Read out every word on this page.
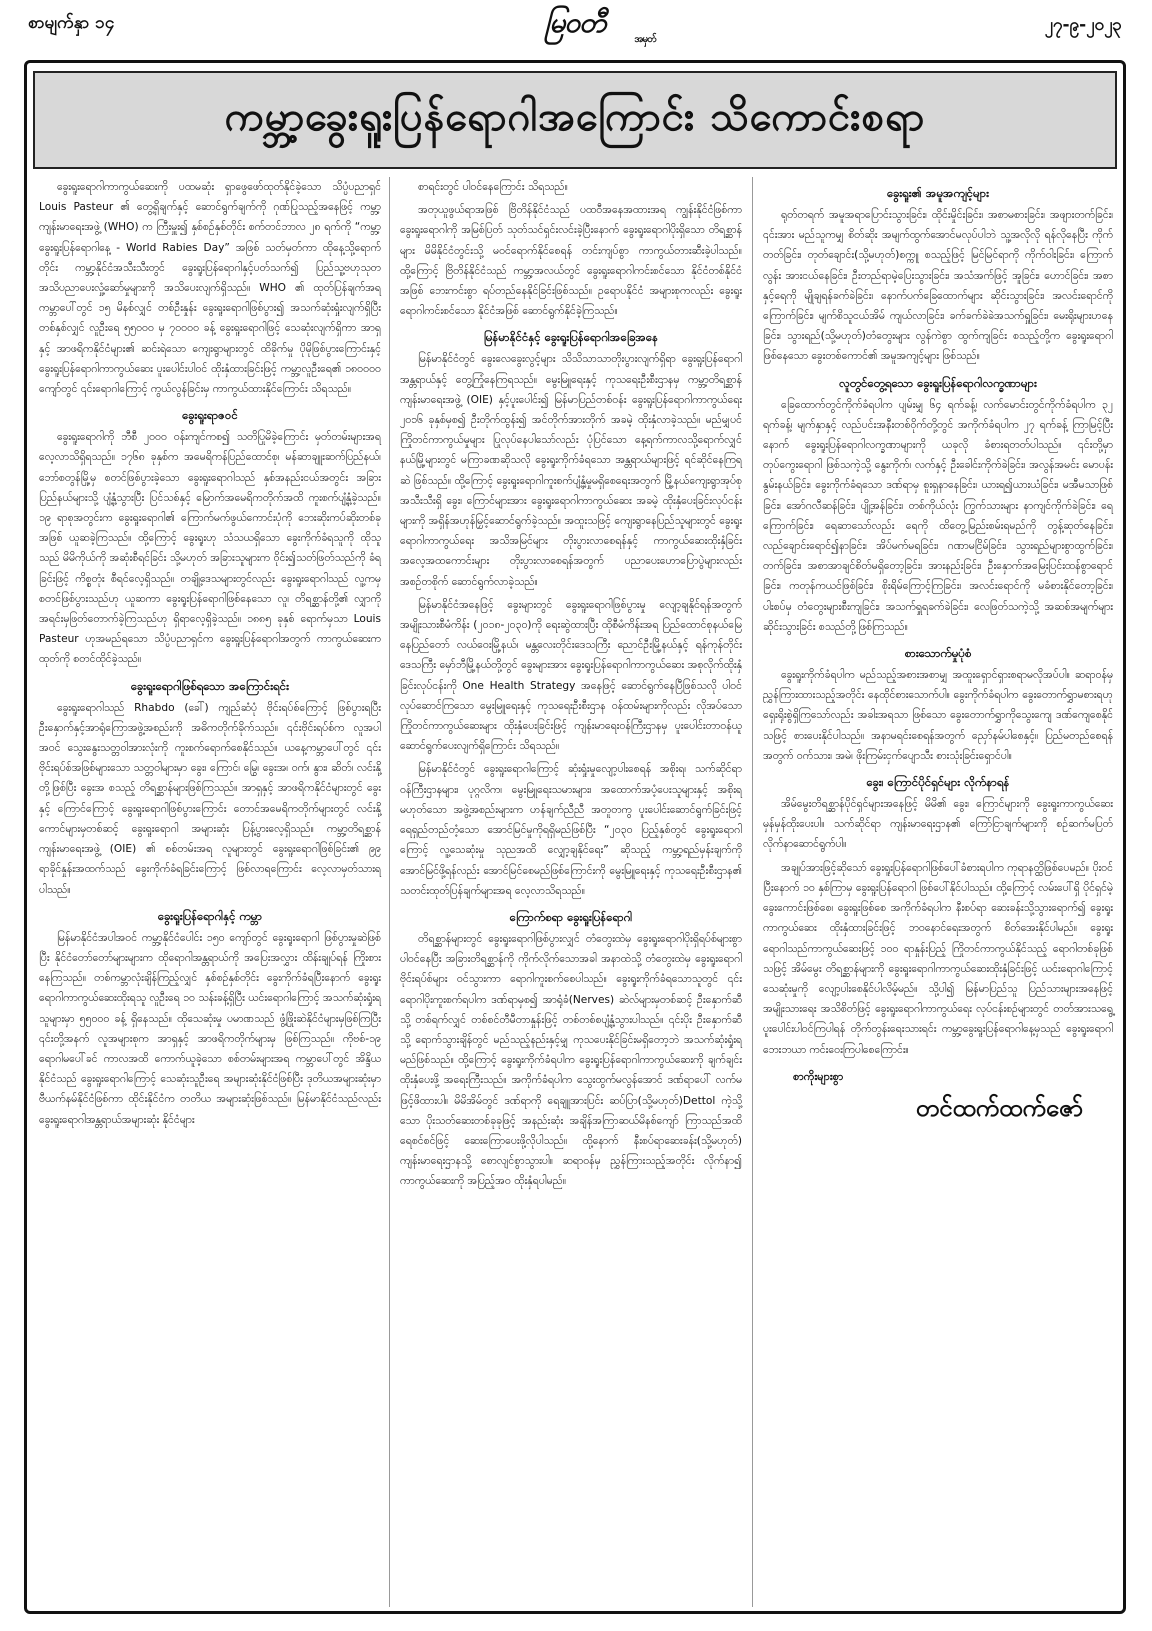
စာမျက်နှာ ၁၄	မြဝတီ
အမှတ်
၂၇-၉-၂၀၂၃
ကမ္ဘာ့ခွေးရူးပြန်ရောဂါအကြောင်း သိကောင်းစရာ

ခွေးရူးရောဂါကာကွယ်ဆေးကို ပထမဆုံး ရှာဖွေဖော်ထုတ်နိုင်ခဲ့သော သိပ္ပံပညာရှင် Louis Pasteur ၏ တွေ့ရှိချက်နှင့် ဆောင်ရွက်ချက်ကို ဂုဏ်ပြုသည့်အနေဖြင့် ကမ္ဘာ့ကျန်းမာရေးအဖွဲ့ (WHO) က ကြီးမှူး၍ နှစ်စဉ်နှစ်တိုင်း စက်တင်ဘာလ ၂၈ ရက်ကို “ကမ္ဘာ့ခွေးရူးပြန်ရောဂါနေ့ - World Rabies Day” အဖြစ် သတ်မှတ်ကာ ထိုနေ့သို့ရောက်တိုင်း ကမ္ဘာ့နိုင်ငံအသီးသီးတွင် ခွေးရူးပြန်ရောဂါနှင့်ပတ်သက်၍ ပြည်သူ့ဗဟုသုတ အသိပညာပေးလှုံ့ဆော်မှုများကို အသိပေးလျက်ရှိသည်။ WHO ၏ ထုတ်ပြန်ချက်အရ ကမ္ဘာပေါ်တွင် ၁၅ မိနစ်လျှင် တစ်ဦးနှုန်း ခွေးရူးရောဂါဖြစ်ပွား၍ အသက်ဆုံးရှုံးလျက်ရှိပြီး တစ်နှစ်လျှင် လူဦးရေ ၅၅၀၀၀ မှ ၇၀၀၀၀ ခန့် ခွေးရူးရောဂါဖြင့် သေဆုံးလျက်ရှိကာ အာရှနှင့် အာဖရိကနိုင်ငံများ၏ ဆင်းရဲသော ကျေးရွာများတွင် ထိခိုက်မှု ပိုမိုဖြစ်ပွားကြောင်းနှင့် ခွေးရူးပြန်ရောဂါကာကွယ်ဆေး ပူးပေါင်းပါဝင် ထိုးနှံထားခြင်းဖြင့် ကမ္ဘာ့လူဦးရေ၏ ၁၈၀၀၀၀ ကျော်တွင် ၎င်းရောဂါကြောင့် ကွယ်လွန်ခြင်းမှ ကာကွယ်ထားနိုင်ကြောင်း သိရသည်။

ခွေးရူးရာဇဝင်

ခွေးရူးရောဂါကို ဘီစီ ၂၀၀၀ ဝန်းကျင်ကစ၍ သတိပြုမိခဲ့ကြောင်း မှတ်တမ်းများအရ လေ့လာသိရှိရသည်။ ၁၇၆၈ ခုနှစ်က အမေရိကန်ပြည်ထောင်စု၊ မန်ဆာချူးဆက်ပြည်နယ်၊ ဘော်စတွန်မြို့မှ စတင်ဖြစ်ပွားခဲ့သော ခွေးရူးရောဂါသည် နှစ်အနည်းငယ်အတွင်း အခြားပြည်နယ်များသို့ ပျံ့နှံ့သွားပြီး ပြင်သစ်နှင့် မြောက်အမေရိကတိုက်အထိ ကူးစက်ပျံ့နှံ့ခဲ့သည်။ ၁၉ ရာစုအတွင်းက ခွေးရူးရောဂါ၏ ကြောက်မက်ဖွယ်ကောင်းပုံကို ဘေးဆိုးကပ်ဆိုးတစ်ခုအဖြစ် ယူဆခဲ့ကြသည်။ ထို့ကြောင့် ခွေးရူးဟု သံသယရှိသော ခွေးကိုက်ခံရသူကို ထိုသူသည် မိမိကိုယ်ကို အဆုံးစီရင်ခြင်း သို့မဟုတ် အခြားသူများက ဝိုင်း၍သတ်ဖြတ်သည်ကို ခံရခြင်းဖြင့် ကိစ္စတုံး စီရင်လေ့ရှိသည်။ တချို့ဒေသများတွင်လည်း ခွေးရူးရောဂါသည် လူ့ကမှ စတင်ဖြစ်ပွားသည်ဟု ယူဆကာ ခွေးရူးပြန်ရောဂါဖြစ်နေသော လူ၊ တိရစ္ဆာန်တို့၏ လျှာကို အရင်းမှဖြတ်တောက်ခဲ့ကြသည်ဟု ရှိရာလေ့ရှိခဲ့သည်။ ၁၈၈၅ ခုနှစ် ရောက်မှသာ Louis Pasteur ဟုအမည်ရသော သိပ္ပံပညာရှင်က ခွေးရူးပြန်ရောဂါအတွက် ကာကွယ်ဆေးကထုတ်ကို စတင်ထိုင်ခဲ့သည်။

ခွေးရူးရောဂါဖြစ်ရသော အကြောင်းရင်း

ခွေးရူးရောဂါသည် Rhabdo (ခေါ်) ကျည်ဆံပုံ ဗိုင်းရပ်စ်ကြောင့် ဖြစ်ပွားရပြီး ဦးနှောက်နှင့်အာရုံကြောအဖွဲ့အစည်းကို အဓိကတိုက်ခိုက်သည်။ ၎င်းဗိုင်းရပ်စ်က လူအပါအဝင် သွေးနွေးသတ္တဝါအားလုံးကို ကူးစက်ရောက်စေနိုင်သည်။ ယနေ့ကမ္ဘာပေါ်တွင် ၎င်းဗိုင်းရပ်စ်အဖြစ်များသော သတ္တဝါများမှာ ခွေး၊ ကြောင်၊ မြွေ၊ ခွေးအ၊ ဝက်၊ နွား၊ ဆိတ်၊ လင်းနို့ တို့ဖြစ်ပြီး ခွေးအ စသည့် တိရစ္ဆာန်များဖြစ်ကြသည်။ အာရှနှင့် အာဖရိကနိုင်ငံများတွင် ခွေးနှင့် ကြောင်ကြောင့် ခွေးရူးရောဂါဖြစ်ပွားကြောင်း တောင်အမေရိကတိုက်များတွင် လင်းနို့ကောင်များမှတစ်ဆင့် ခွေးရူးရောဂါ အများဆုံး ပြန့်ပွားလေ့ရှိသည်။ ကမ္ဘာ့တိရစ္ဆာန်ကျန်းမာရေးအဖွဲ့ (OIE) ၏ စစ်တမ်းအရ လူများတွင် ခွေးရူးရောဂါဖြစ်ခြင်း၏ ၉၉ ရာခိုင်နှုန်းအထက်သည် ခွေးကိုက်ခံရခြင်းကြောင့် ဖြစ်လာရကြောင်း လေ့လာမှတ်သားရပါသည်။

ခွေးရူးပြန်ရောဂါနှင့် ကမ္ဘာ

မြန်မာနိုင်ငံအပါအဝင် ကမ္ဘာ့နိုင်ငံပေါင်း ၁၅၀ ကျော်တွင် ခွေးရူးရောဂါ ဖြစ်ပွားမှုဆဲဖြစ်ပြီး နိုင်ငံတော်တော်များများက ထိုရောဂါအန္တရာယ်ကို အပြေးအလွှား ထိန်းချုပ်ရန် ကြိုးစားနေကြသည်။ တစ်ကမ္ဘာလုံးချိန်ကြည့်လျှင် နှစ်စဉ်နှစ်တိုင်း ခွေးကိုက်ခံရပြီးနောက် ခွေးရူးရောဂါကာကွယ်ဆေးထိုးရသူ လူဦးရေ ၁၀ သန်းခန့်ရှိပြီး ယင်းရောဂါကြောင့် အသက်ဆုံးရှုံးရသူများမှာ ၅၅၀၀၀ ခန့် ရှိနေသည်။ ထိုသေဆုံးမှု ပမာဏသည် ဖွံ့ဖြိုးဆဲနိုင်ငံများမှဖြစ်ကြပြီး ၎င်းတို့အနက် လူအများစုက အာရှနှင့် အာဖရိကတိုက်များမှ ဖြစ်ကြသည်။ ကိုဗစ်-၁၉ ရောဂါမပေါ်ခင် ကာလအထိ ကောက်ယူခဲ့သော စစ်တမ်းများအရ ကမ္ဘာပေါ်တွင် အိန္ဒိယနိုင်ငံသည် ခွေးရူးရောဂါကြောင့် သေဆုံးသူဦးရေ အများဆုံးနိုင်ငံဖြစ်ပြီး ဒုတိယအများဆုံးမှာ ဗီယက်နမ်နိုင်ငံဖြစ်ကာ ထိုင်းနိုင်ငံက တတိယ အများဆုံးဖြစ်သည်။ မြန်မာနိုင်ငံသည်လည်း ခွေးရူးရောဂါအန္တရာယ်အများဆုံး နိုင်ငံများ

စာရင်းတွင် ပါဝင်နေကြောင်း သိရသည်။

အတုယူဖွယ်ရာအဖြစ် ဗြိတိန်နိုင်ငံသည် ပထဝီအနေအထားအရ ကျွန်းနိုင်ငံဖြစ်ကာ ခွေးရူးရောဂါကို အမြစ်ပြတ် သုတ်သင်ရှင်းလင်းခဲ့ပြီးနောက် ခွေးရူးရောဂါပိုးရှိသော တိရစ္ဆာန်များ မိမိနိုင်ငံတွင်းသို့ မဝင်ရောက်နိုင်စေရန် တင်းကျပ်စွာ ကာကွယ်တားဆီးခဲ့ပါသည်။ ထို့ကြောင့် ဗြိတိန်နိုင်ငံသည် ကမ္ဘာ့အလယ်တွင် ခွေးရူးရောဂါကင်းစင်သော နိုင်ငံတစ်နိုင်ငံအဖြစ် ဘေးကင်းစွာ ရပ်တည်နေနိုင်ခြင်းဖြစ်သည်။ ဥရောပနိုင်ငံ အများစုကလည်း ခွေးရူးရောဂါကင်းစင်သော နိုင်ငံအဖြစ် ဆောင်ရွက်နိုင်ခဲ့ကြသည်။

မြန်မာနိုင်ငံနှင့် ခွေးရူးပြန်ရောဂါအခြေအနေ

မြန်မာနိုင်ငံတွင် ခွေးလေခွေးလွင့်များ သိသိသာသာတိုးပွားလျက်ရှိရာ ခွေးရူးပြန်ရောဂါအန္တရာယ်နှင့် တွေ့ကြုံနေကြရသည်။ မွေးမြူရေးနှင့် ကုသရေးဦးစီးဌာနမှ ကမ္ဘာ့တိရစ္ဆာန်ကျန်းမာရေးအဖွဲ့ (OIE) နှင့်ပူးပေါင်း၍ မြန်မာပြည်တစ်ဝန်း ခွေးရူးပြန်ရောဂါကာကွယ်ရေး ၂၀၁၆ ခုနှစ်မှစ၍ ဦးတိုက်ထွန်း၍ အင်တိုက်အားတိုက် အခမဲ့ ထိုးနှံလာခဲ့သည်။ မည်မျှပင် ကြိုတင်ကာကွယ်မှုများ ပြုလုပ်နေပါသော်လည်း ပုံပြင်သော နေ့ရက်ကာလသို့ရောက်လျှင် နယ်မြို့များတွင် မကြာခဏဆိုသလို ခွေးရူးကိုက်ခံရသော အန္တရာယ်များဖြင့် ရင်ဆိုင်နေကြရဆဲ ဖြစ်သည်။ ထို့ကြောင့် ခွေးရူးရောဂါကူးစက်ပျံ့နှံ့မှုမရှိစေရေးအတွက် မြို့နယ်ကျေးရွာအုပ်စု အသီးသီးရှိ ခွေး၊ ကြောင်များအား ခွေးရူးရောဂါကာကွယ်ဆေး အခမဲ့ ထိုးနှံပေးခြင်းလုပ်ငန်းများကို အရှိန်အဟုန်မြှင့်ဆောင်ရွက်ခဲ့သည်။ အထူးသဖြင့် ကျေးရွာနေပြည်သူများတွင် ခွေးရူးရောဂါကာကွယ်ရေး အသိအမြင်များ တိုးပွားလာစေရန်နှင့် ကာကွယ်ဆေးထိုးနှံခြင်း အလေ့အထကောင်းများ တိုးပွားလာစေရန်အတွက် ပညာပေးဟောပြောပွဲများလည်း အစဉ်တစိုက် ဆောင်ရွက်လာခဲ့သည်။

မြန်မာနိုင်ငံအနေဖြင့် ခွေးများတွင် ခွေးရူးရောဂါဖြစ်ပွားမှု လျော့ချနိုင်ရန်အတွက် အမျိုးသားစီမံကိန်း (၂၀၁၈-၂၀၃၀)ကို ရေးဆွဲထားပြီး ထိုစီမံကိန်းအရ ပြည်ထောင်စုနယ်မြေ နေပြည်တော် လယ်ဝေးမြို့နယ်၊ မန္တလေးတိုင်းဒေသကြီး ညောင်ဦးမြို့နယ်နှင့် ရန်ကုန်တိုင်းဒေသကြီး မှော်ဘီမြို့နယ်တို့တွင် ခွေးများအား ခွေးရူးပြန်ရောဂါကာကွယ်ဆေး အစုလိုက်ထိုးနှံခြင်းလုပ်ငန်းကို One Health Strategy အနေဖြင့် ဆောင်ရွက်နေပြီဖြစ်သလို ပါဝင်လုပ်ဆောင်ကြသော မွေးမြူရေးနှင့် ကုသရေးဦးစီးဌာန ဝန်ထမ်းများကိုလည်း လိုအပ်သော ကြိုတင်ကာကွယ်ဆေးများ ထိုးနှံပေးခြင်းဖြင့် ကျန်းမာရေးဝန်ကြီးဌာနမှ ပူးပေါင်းတာဝန်ယူ ဆောင်ရွက်ပေးလျက်ရှိကြောင်း သိရသည်။

မြန်မာနိုင်ငံတွင် ခွေးရူးရောဂါကြောင့် ဆုံးရှုံးမှုလျော့ပါးစေရန် အစိုးရ၊ သက်ဆိုင်ရာဝန်ကြီးဌာနများ၊ ပုဂ္ဂလိက၊ မွေးမြူရေးသမားများ၊ အထောက်အပံ့ပေးသူများနှင့် အစိုးရမဟုတ်သော အဖွဲ့အစည်းများက ဟန်ချက်ညီညီ အတူတကွ ပူးပေါင်းဆောင်ရွက်ခြင်းဖြင့် ရေရှည်တည်တံ့သော အောင်မြင်မှုကိုရရှိမည်ဖြစ်ပြီး “၂၀၃၀ ပြည့်နှစ်တွင် ခွေးရူးရောဂါကြောင့် လူ့သေဆုံးမှု သုညအထိ လျှော့ချနိုင်ရေး” ဆိုသည့် ကမ္ဘာ့ရည်မှန်းချက်ကို အောင်မြင်ဖို့ရန်လည်း အောင်မြင်စေမည်ဖြစ်ကြောင်းကို မွေးမြူရေးနှင့် ကုသရေးဦးစီးဌာန၏ သတင်းထုတ်ပြန်ချက်များအရ လေ့လာသိရသည်။

ကြောက်စရာ ခွေးရူးပြန်ရောဂါ

တိရစ္ဆာန်များတွင် ခွေးရူးရောဂါဖြစ်ပွားလျှင် တံတွေးထဲမှ ခွေးရူးရောဂါပိုးရှိရပ်စ်များစွာ ပါဝင်နေပြီး အခြားတိရစ္ဆာန်ကို ကိုက်လိုက်သောအခါ အနာထဲသို့ တံတွေးထဲမှ ခွေးရူးရောဂါဗိုင်းရပ်စ်များ ဝင်သွားကာ ရောဂါကူးစက်စေပါသည်။ ခွေးရူးကိုက်ခံရသောသူတွင် ၎င်းရောဂါပိုးကူးစက်ရပါက ဒဏ်ရာမှစ၍ အာရုံခံ(Nerves) ဆဲလ်များမှတစ်ဆင့် ဦးနှောက်ဆီသို့ တစ်ရက်လျှင် တစ်စင်တီမီတာနှုန်းဖြင့် တစ်တစ်စပျံ့နှံ့သွားပါသည်။ ၎င်းပိုး ဦးနှောက်ဆီသို့ ရောက်သွားချိန်တွင် မည်သည့်နည်းနှင့်မျှ ကုသပေးနိုင်ခြင်းမရှိတော့ဘဲ အသက်ဆုံးရှုံးရမည်ဖြစ်သည်။ ထို့ကြောင့် ခွေးရူးကိုက်ခံရပါက ခွေးရူးပြန်ရောဂါကာကွယ်ဆေးကို ချက်ချင်းထိုးနှံပေးဖို့ အရေးကြီးသည်။ အကိုက်ခံရပါက သွေးထွက်မလွန်အောင် ဒဏ်ရာပေါ် လက်မဖြင့်ဖိထားပါ။ မိမိအိမ်တွင် ဒဏ်ရာကို ရေချူအားပြင်း ဆပ်ပြာ(သို့မဟုတ်)Dettol ကဲ့သို့သော ပိုးသတ်ဆေးတစ်ခုခုဖြင့် အနည်းဆုံး အချိန်အကြာဆယ်မိနစ်ကျော် ကြာသည်အထိ ရေစင်စင်ဖြင့် ဆေးကြောပေးဖို့လိုပါသည်။ ထို့နောက် နီးစပ်ရာဆေးခန်း(သို့မဟုတ်) ကျန်းမာရေးဌာနသို့ စောလျင်စွာသွားပါ။ ဆရာဝန်မှ ညွှန်ကြားသည့်အတိုင်း လိုက်နာ၍ ကာကွယ်ဆေးကို အပြည့်အဝ ထိုးနှံရပါမည်။

ခွေးရူး၏ အမူအကျင့်များ

ရုတ်တရက် အမူအရာပြောင်းသွားခြင်း၊ ထိုင်းမှိုင်းခြင်း၊ အစာမစားခြင်း၊ အဖျားတက်ခြင်း၊ ၎င်းအား မည်သူကမျှ စိတ်ဆိုး အမျက်ထွက်အောင်မလုပ်ပါဘဲ သူ့အလိုလို ရန်လိုနေပြီး ကိုက်တတ်ခြင်း၊ တုတ်ချောင်း(သို့မဟုတ်)စက္ကူ စသည့်ဖြင့် မြင်မြင်ရာကို ကိုက်ဝါးခြင်း၊ ကြောက်လွန်း အားငယ်နေခြင်း၊ ဦးတည်ရာမဲ့ပြေးသွားခြင်း၊ အသံအက်ဖြင့် အူခြင်း၊ ဟောင်ခြင်း၊ အစာနှင့်ရေကို မျိုချရန်ခက်ခဲခြင်း၊ နောက်ပက်ခြေထောက်များ ဆိုင်းသွားခြင်း၊ အလင်းရောင်ကို ကြောက်ခြင်း၊ မျက်စိသူငယ်အိမ် ကျယ်လာခြင်း၊ ခက်ခက်ခဲခဲအသက်ရှူခြင်း၊ မေးရိုးများဟနေခြင်း၊ သွားရည်(သို့မဟုတ်)တံတွေးများ လွန်ကဲစွာ ထွက်ကျခြင်း စသည့်တို့က ခွေးရူးရောဂါဖြစ်နေသော ခွေးတစ်ကောင်၏ အမူအကျင့်များ ဖြစ်သည်။

လူတွင်တွေ့ရသော ခွေးရူးပြန်ရောဂါလက္ခဏာများ

ခြေထောက်တွင်ကိုက်ခံရပါက ပျမ်းမျှ ၆၄ ရက်ခန့်၊ လက်မောင်းတွင်ကိုက်ခံရပါက ၃၂ ရက်ခန့်၊ မျက်နှာနှင့် လည်ပင်းအနီးတစ်ဝိုက်တို့တွင် အကိုက်ခံရပါက ၂၇ ရက်ခန့် ကြာမြင့်ပြီးနောက် ခွေးရူးပြန်ရောဂါလက္ခဏာများကို ယခုလို ခံစားရတတ်ပါသည်။ ၎င်းတို့မှာ တုပ်ကွေးရောဂါ ဖြစ်သကဲ့သို့ နွေးကိုက်၊ လက်နှင့် ဦးခေါင်းကိုက်ခဲခြင်း၊ အလွန်အမင်း မောပန်းနွမ်းနယ်ခြင်း၊ ခွေးကိုက်ခံရသော ဒဏ်ရာမှ စူးရှနာနေခြင်း၊ ယားရ၍ယားယံခြင်း၊ မအီမသာဖြစ်ခြင်း၊ အော်ဂလီဆန်ခြင်း၊ ပျို့အန်ခြင်း၊ တစ်ကိုယ်လုံး ကြွက်သားများ နာကျင်ကိုက်ခဲခြင်း၊ ရေကြောက်ခြင်း၊ ရေဆာသော်လည်း ရေကို ထိတွေ့မြည်းစမ်းရမည်ကို တွန့်ဆုတ်နေခြင်း၊ လည်ချောင်းရောင်၍နာခြင်း၊ အိပ်မက်မရခြင်း၊ ဂဏာမငြိမ်ခြင်း၊ သွားရည်များစွာထွက်ခြင်း၊ တက်ခြင်း၊ အစာအာချင်စိတ်မရှိတော့ခြင်း၊ အားနည်းခြင်း၊ ဦးနှောက်အမြေးပြင်းထန်စွာရောင်ခြင်း၊ ကတုန်ကယင်ဖြစ်ခြင်း၊ စိုးရိမ်ကြောင့်ကြခြင်း၊ အလင်းရောင်ကို မခံစားနိုင်တော့ခြင်း၊ ပါးစပ်မှ တံတွေးများစီးကျခြင်း၊ အသက်ရှူရခက်ခဲခြင်း၊ လေဖြတ်သကဲ့သို့ အဆစ်အမျက်များ ဆိုင်းသွားခြင်း စသည်တို့ဖြစ်ကြသည်။

စားသောက်မှုပုံစံ

ခွေးရူးကိုက်ခံရပါက မည်သည့်အစားအစာမျှ အထူးရှောင်ရှားစရာမလိုအပ်ပါ။ ဆရာဝန်မှ ညွှန်ကြားထားသည့်အတိုင်း နေထိုင်စားသောက်ပါ။ ခွေးကိုက်ခံရပါက ခွေးတောက်ရွှာမစားရဟု ရှေးရိုးစွဲရှိကြသော်လည်း အခါးအရသာ ဖြစ်သော ခွေးတောက်ရွှာကိုသွေးကျေ ဒဏ်ကျေစေနိုင်သဖြင့် စားပေးနိုင်ပါသည်။ အနာမရင်းစေရန်အတွက် ညှော်နမ်ပါစေနှင့်။ ပြည်မတည်စေရန်အတွက် ဝက်သား၊ အမဲ၊ ဖိုးကြမ်းငှက်ပျောသီး စားသုံးခြင်းရှောင်ပါ။

ခွေး၊ ကြောင်ပိုင်ရှင်များ လိုက်နာရန်

အိမ်မွေးတိရစ္ဆာန်ပိုင်ရှင်များအနေဖြင့် မိမိ၏ ခွေး၊ ကြောင်များကို ခွေးရူးကာကွယ်ဆေး မှန်မှန်ထိုးပေးပါ။ သက်ဆိုင်ရာ ကျန်းမာရေးဌာန၏ ကြော်ငြာချက်များကို စဉ်ဆက်မပြတ် လိုက်နာဆောင်ရွက်ပါ။

အချုပ်အားဖြင့်ဆိုသော် ခွေးရူးပြန်ရောဂါဖြစ်ပေါ်ခံစားရပါက ကုရာနတ္ထိဖြစ်ပေမည်။ ပိုးဝင်ပြီးနောက် ၁၀ နှစ်ကြာမှ ခွေးရူးပြန်ရောဂါ ဖြစ်ပေါ်နိုင်ပါသည်။ ထို့ကြောင့် လမ်းပေါ်ရှိ ပိုင်ရှင်မဲ့ခွေးကောင်းဖြစ်စေ၊ ခွေးရူးဖြစ်စေ အကိုက်ခံရပါက နီးစပ်ရာ ဆေးခန်းသို့သွားရောက်၍ ခွေးရူးကာကွယ်ဆေး ထိုးနှံထားခြင်းဖြင့် ဘဝနောင်ရေးအတွက် စိတ်အေးနိုင်ပါမည်။ ခွေးရူးရောဂါသည်ကာကွယ်ဆေးဖြင့် ၁၀၀ ရာနှုန်းပြည့် ကြိုတင်ကာကွယ်နိုင်သည့် ရောဂါတစ်ခုဖြစ်သဖြင့် အိမ်မွေး တိရစ္ဆာန်များကို ခွေးရူးရောဂါကာကွယ်ဆေးထိုးနှံခြင်းဖြင့် ယင်းရောဂါကြောင့် သေဆုံးမှုကို လျော့ပါးစေနိုင်ပါလိမ့်မည်။ သို့ပါ၍ မြန်မာပြည်သူ ပြည်သားများအနေဖြင့် အမျိုးသားရေး အသိစိတ်ဖြင့် ခွေးရူးရောဂါကာကွယ်ရေး လုပ်ငန်းစဉ်များတွင် တတ်အားသရွေ့ ပူးပေါင်းပါဝင်ကြပါရန် တိုက်တွန်းရေးသားရင်း ကမ္ဘာ့ခွေးရူးပြန်ရောဂါနေ့မှသည် ခွေးရူးရောဂါ ဘေးဘယာ ကင်းဝေးကြပါစေကြောင်း။

စာကိုးများစွာ
တင်ထက်ထက်ဇော်
